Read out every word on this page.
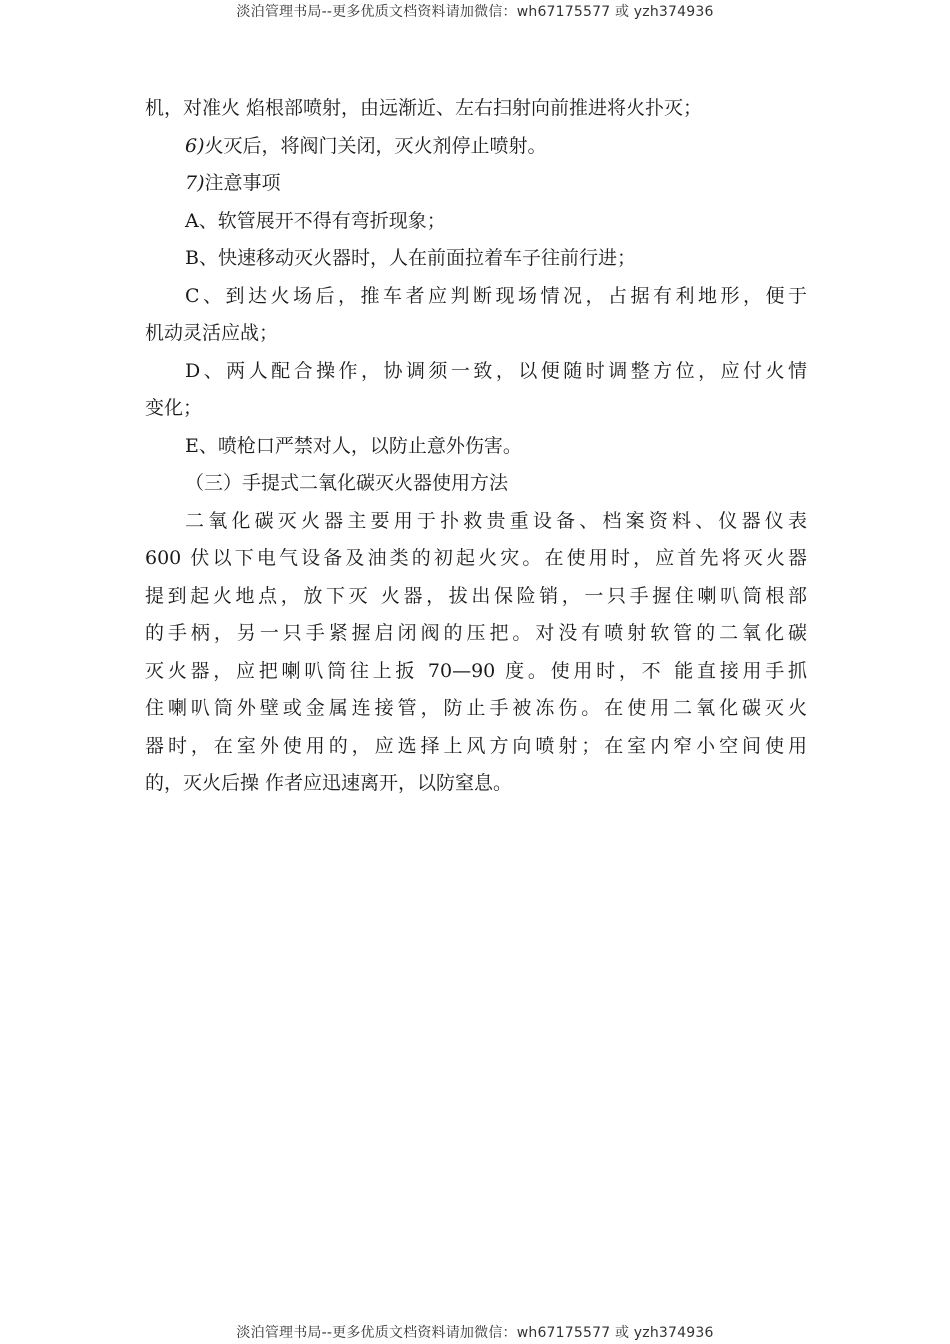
淡泊管理书局--更多优质文档资料请加微信：wh67175577 或 yzh374936
机，对准火 焰根部喷射，由远渐近、左右扫射向前推进将火扑灭；
6)火灭后，将阀门关闭，灭火剂停止喷射。
7)注意事项
A、软管展开不得有弯折现象；
B、快速移动灭火器时，人在前面拉着车子往前行进；
C、到达火场后，推车者应判断现场情况，占据有利地形，便于
机动灵活应战；
D、两人配合操作，协调须一致，以便随时调整方位，应付火情
变化；
E、喷枪口严禁对人，以防止意外伤害。
（三）手提式二氧化碳灭火器使用方法
二氧化碳灭火器主要用于扑救贵重设备、档案资料、仪器仪表
600 伏以下电气设备及油类的初起火灾。在使用时，应首先将灭火器
提到起火地点，放下灭 火器，拔出保险销，一只手握住喇叭筒根部
的手柄，另一只手紧握启闭阀的压把。对没有喷射软管的二氧化碳
灭火器，应把喇叭筒往上扳 70—90 度。使用时，不 能直接用手抓
住喇叭筒外壁或金属连接管，防止手被冻伤。在使用二氧化碳灭火
器时，在室外使用的，应选择上风方向喷射；在室内窄小空间使用
的，灭火后操 作者应迅速离开，以防窒息。
淡泊管理书局--更多优质文档资料请加微信：wh67175577 或 yzh374936
